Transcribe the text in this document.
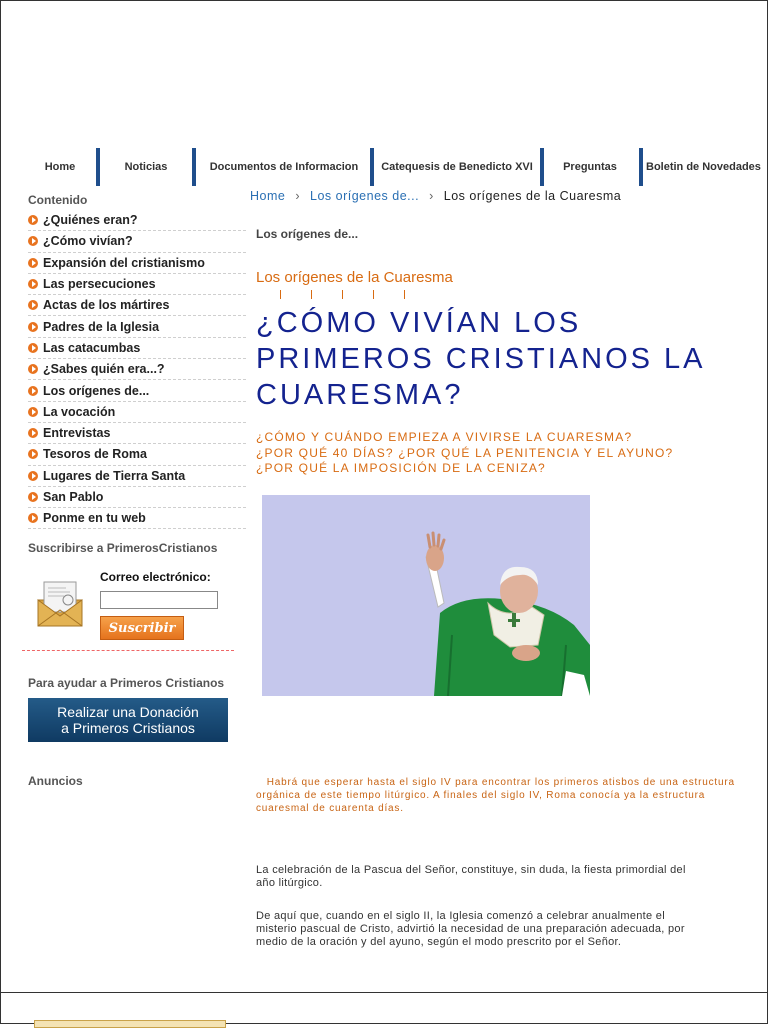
Home	Noticias	Documentos de Informacion Catequesis de Benedicto XVI	Preguntas	Boletin de Novedades
Contenido
¿Quiénes eran?
¿Cómo vivían?
Expansión del cristianismo
Las persecuciones
Actas de los mártires
Padres de la Iglesia
Las catacumbas
¿Sabes quién era...?
Los orígenes de...
La vocación
Entrevistas
Tesoros de Roma
Lugares de Tierra Santa
San Pablo
Ponme en tu web
Suscribirse a PrimerosCristianos
Correo electrónico:
Suscribir
Para ayudar a Primeros Cristianos
Realizar una Donación
a Primeros Cristianos
Anuncios
Home › Los orígenes de... › Los orígenes de la Cuaresma
Los orígenes de...
Los orígenes de la Cuaresma
¿CÓMO VIVÍAN LOS PRIMEROS CRISTIANOS LA CUARESMA?
¿CÓMO Y CUÁNDO EMPIEZA A VIVIRSE LA CUARESMA?
¿POR QUÉ 40 DÍAS? ¿POR QUÉ LA PENITENCIA Y EL AYUNO?
¿POR QUÉ LA IMPOSICIÓN DE LA CENIZA?
Habrá que esperar hasta el siglo IV para encontrar los primeros atisbos de una estructura
orgánica de este tiempo litúrgico. A finales del siglo IV, Roma conocía ya la estructura
cuaresmal de cuarenta días.
La celebración de la Pascua del Señor, constituye, sin duda, la fiesta primordial del
año litúrgico.
De aquí que, cuando en el siglo II, la Iglesia comenzó a celebrar anualmente el
misterio pascual de Cristo, advirtió la necesidad de una preparación adecuada, por
medio de la oración y del ayuno, según el modo prescrito por el Señor.
